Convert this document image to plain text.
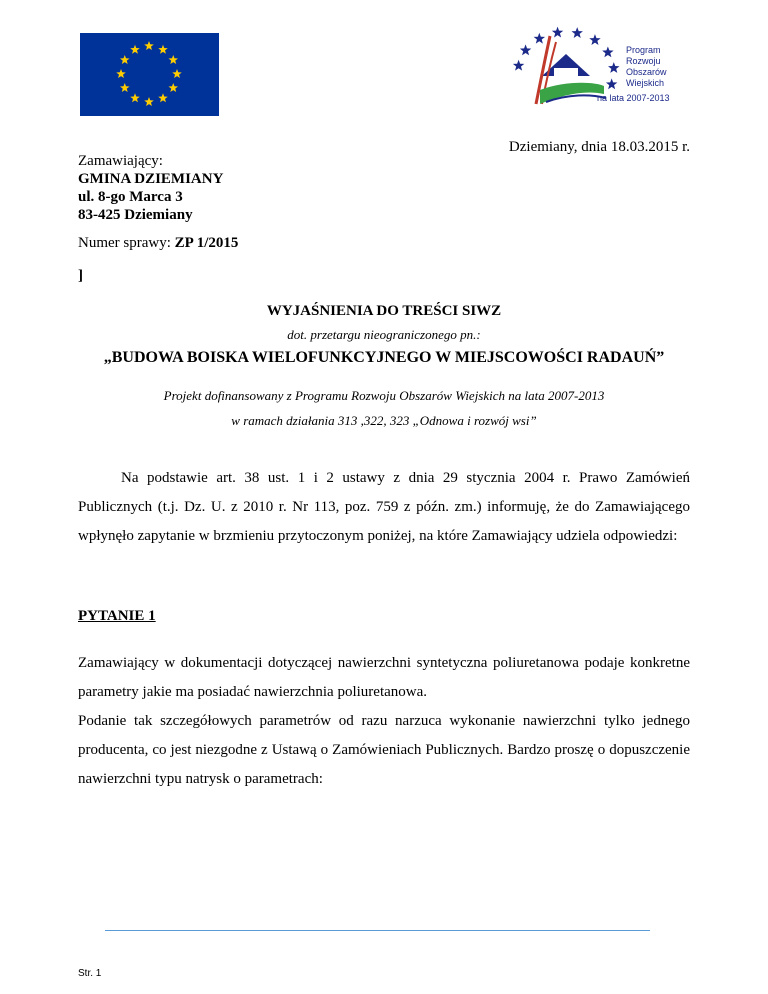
Program
Rozwoju
Obszarów
Wiejskich
na lata 2007-2013
Dziemiany, dnia 18.03.2015 r.
Zamawiający:
GMINA DZIEMIANY
ul. 8-go Marca 3
83-425 Dziemiany
Numer sprawy: ZP 1/2015
]
WYJAŚNIENIA DO TREŚCI SIWZ
dot. przetargu nieograniczonego pn.:
„BUDOWA BOISKA WIELOFUNKCYJNEGO W MIEJSCOWOŚCI RADAUŃ”
Projekt dofinansowany z Programu Rozwoju Obszarów Wiejskich na lata 2007-2013
w ramach działania 313 ,322, 323 „Odnowa i rozwój wsi”
Na podstawie art. 38 ust. 1 i 2 ustawy z dnia 29 stycznia 2004 r. Prawo Zamówień Publicznych (t.j. Dz. U. z 2010 r. Nr 113, poz. 759 z późn. zm.) informuję, że do Zamawiającego wpłynęło zapytanie w brzmieniu przytoczonym poniżej, na które Zamawiający udziela odpowiedzi:
PYTANIE 1
Zamawiający w dokumentacji dotyczącej nawierzchni syntetyczna poliuretanowa podaje konkretne parametry jakie ma posiadać nawierzchnia poliuretanowa.
Podanie tak szczegółowych parametrów od razu narzuca wykonanie nawierzchni tylko jednego producenta, co jest niezgodne z Ustawą o Zamówieniach Publicznych. Bardzo proszę o dopuszczenie nawierzchni typu natrysk o parametrach:
Str. 1
